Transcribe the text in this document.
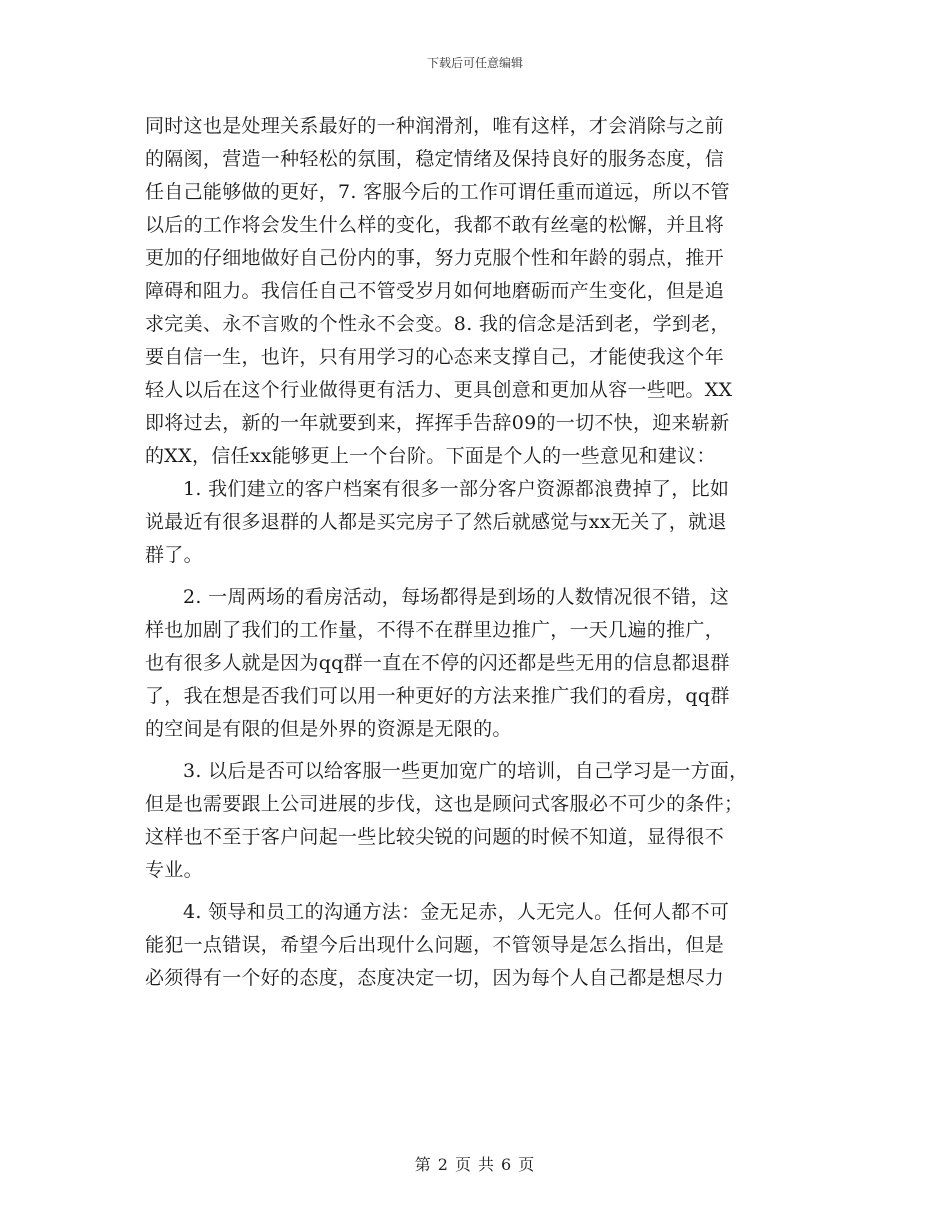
下载后可任意编辑
同时这也是处理关系最好的一种润滑剂，唯有这样，才会消除与之前
的隔阂，营造一种轻松的氛围，稳定情绪及保持良好的服务态度，信
任自己能够做的更好，7. 客服今后的工作可谓任重而道远，所以不管
以后的工作将会发生什么样的变化，我都不敢有丝毫的松懈，并且将
更加的仔细地做好自己份内的事，努力克服个性和年龄的弱点，推开
障碍和阻力。我信任自己不管受岁月如何地磨砺而产生变化，但是追
求完美、永不言败的个性永不会变。8. 我的信念是活到老，学到老，
要自信一生，也许，只有用学习的心态来支撑自己，才能使我这个年
轻人以后在这个行业做得更有活力、更具创意和更加从容一些吧。XX
即将过去，新的一年就要到来，挥挥手告辞09的一切不快，迎来崭新
的XX，信任xx能够更上一个台阶。下面是个人的一些意见和建议：
1. 我们建立的客户档案有很多一部分客户资源都浪费掉了，比如
说最近有很多退群的人都是买完房子了然后就感觉与xx无关了，就退
群了。
2. 一周两场的看房活动，每场都得是到场的人数情况很不错，这
样也加剧了我们的工作量，不得不在群里边推广，一天几遍的推广，
也有很多人就是因为qq群一直在不停的闪还都是些无用的信息都退群
了，我在想是否我们可以用一种更好的方法来推广我们的看房，qq群
的空间是有限的但是外界的资源是无限的。
3. 以后是否可以给客服一些更加宽广的培训，自己学习是一方面，
但是也需要跟上公司进展的步伐，这也是顾问式客服必不可少的条件；
这样也不至于客户问起一些比较尖锐的问题的时候不知道，显得很不
专业。
4. 领导和员工的沟通方法：金无足赤，人无完人。任何人都不可
能犯一点错误，希望今后出现什么问题，不管领导是怎么指出，但是
必须得有一个好的态度，态度决定一切，因为每个人自己都是想尽力
第 2 页 共 6 页
